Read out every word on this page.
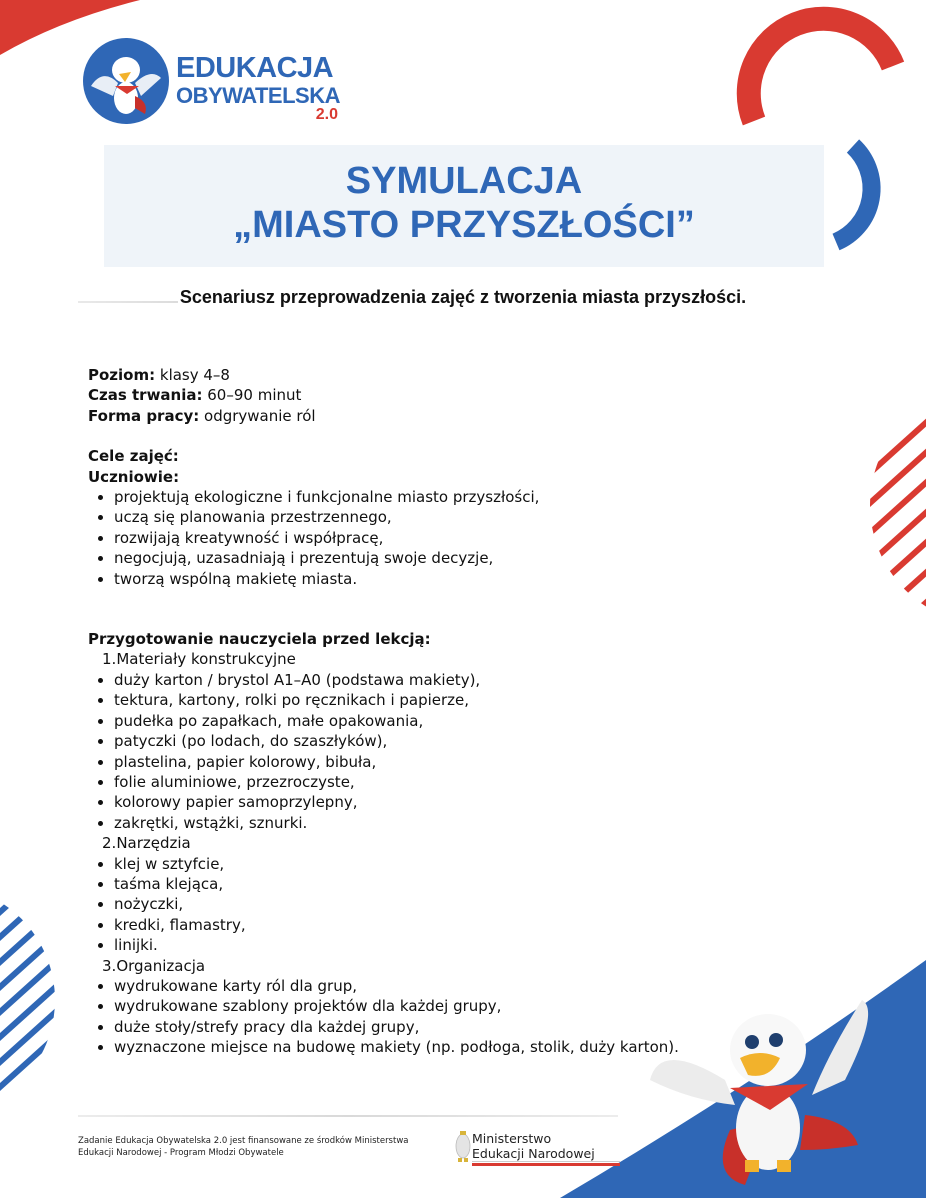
EDUKACJA
OBYWATELSKA
2.0
SYMULACJA
„MIASTO PRZYSZŁOŚCI”
Scenariusz przeprowadzenia zajęć z tworzenia miasta przyszłości.

Poziom: klasy 4–8

Czas trwania: 60–90 minut

Forma pracy: odgrywanie ról

Cele zajęć:

Uczniowie:

• projektują ekologiczne i funkcjonalne miasto przyszłości,
• uczą się planowania przestrzennego,
• rozwijają kreatywność i współpracę,
• negocjują, uzasadniają i prezentują swoje decyzje,
• tworzą wspólną makietę miasta.

Przygotowanie nauczyciela przed lekcją:

1.Materiały konstrukcyjne

• duży karton / brystol A1–A0 (podstawa makiety),
• tektura, kartony, rolki po ręcznikach i papierze,
• pudełka po zapałkach, małe opakowania,
• patyczki (po lodach, do szaszłyków),
• plastelina, papier kolorowy, bibuła,
• folie aluminiowe, przezroczyste,
• kolorowy papier samoprzylepny,
• zakrętki, wstążki, sznurki.

2.Narzędzia

• klej w sztyfcie,
• taśma klejąca,
• nożyczki,
• kredki, flamastry,
• linijki.

3.Organizacja

• wydrukowane karty ról dla grup,
• wydrukowane szablony projektów dla każdej grupy,
• duże stoły/strefy pracy dla każdej grupy,
• wyznaczone miejsce na budowę makiety (np. podłoga, stolik, duży karton).
Zadanie Edukacja Obywatelska 2.0 jest finansowane ze środków Ministerstwa
Edukacji Narodowej - Program Młodzi Obywatele
Ministerstwo
Edukacji Narodowej
